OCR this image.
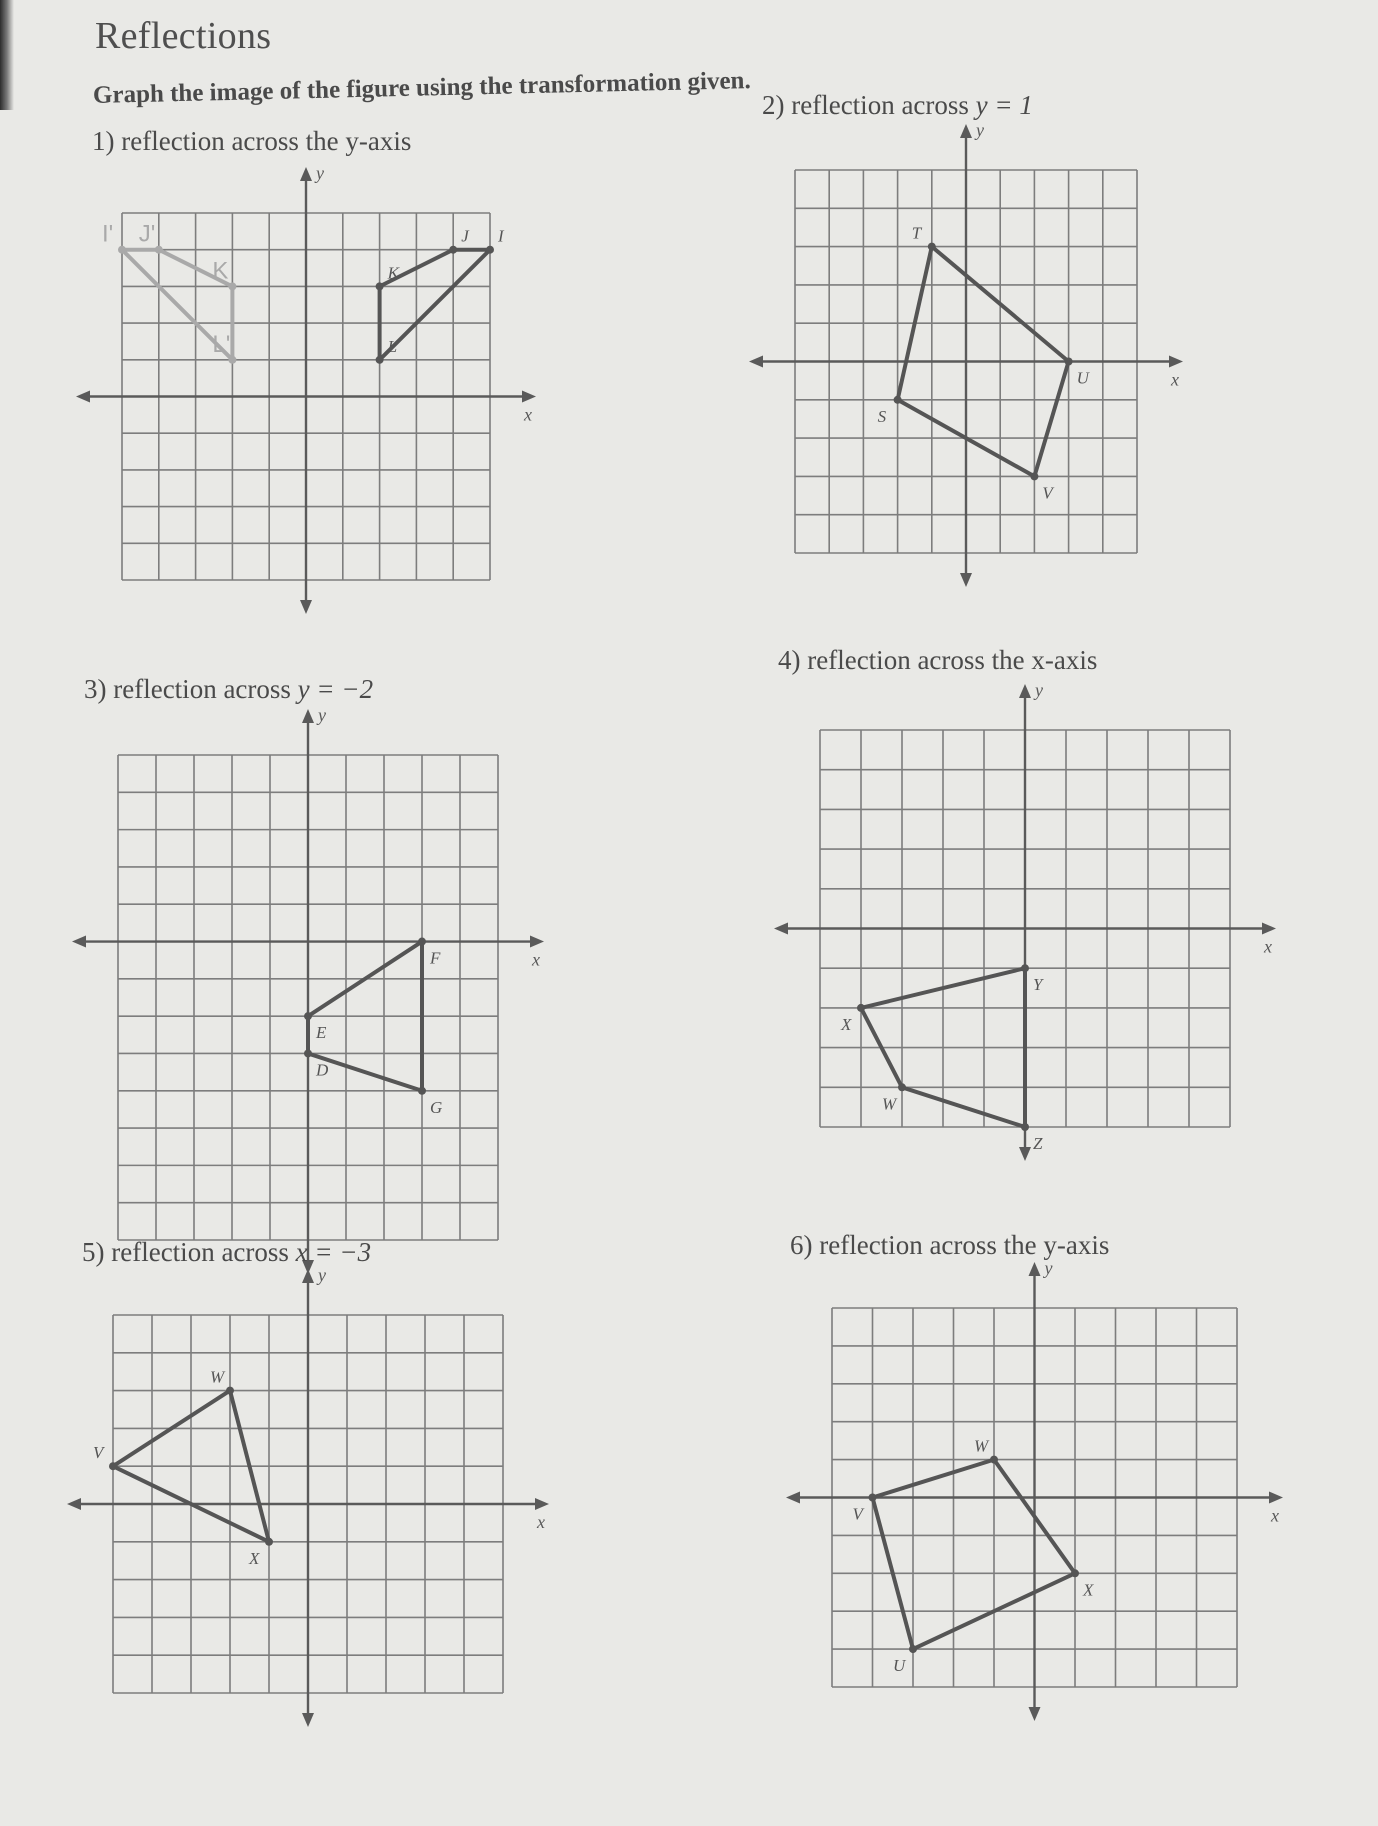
Reflections
Graph the image of the figure using the transformation given.
1) reflection across the y-axis
y
x
J'
I'
L'
K
J I
L
K
2) reflection across y = 1
y
x
T
U
V
S
3) reflection across y = −2
y
x
F
G
D
E
4) reflection across the x-axis
y
x
Y
Z
W
X
5) reflection across x = −3
y
x
W
X
V
6) reflection across the y-axis
y
x
W
X
U
V
